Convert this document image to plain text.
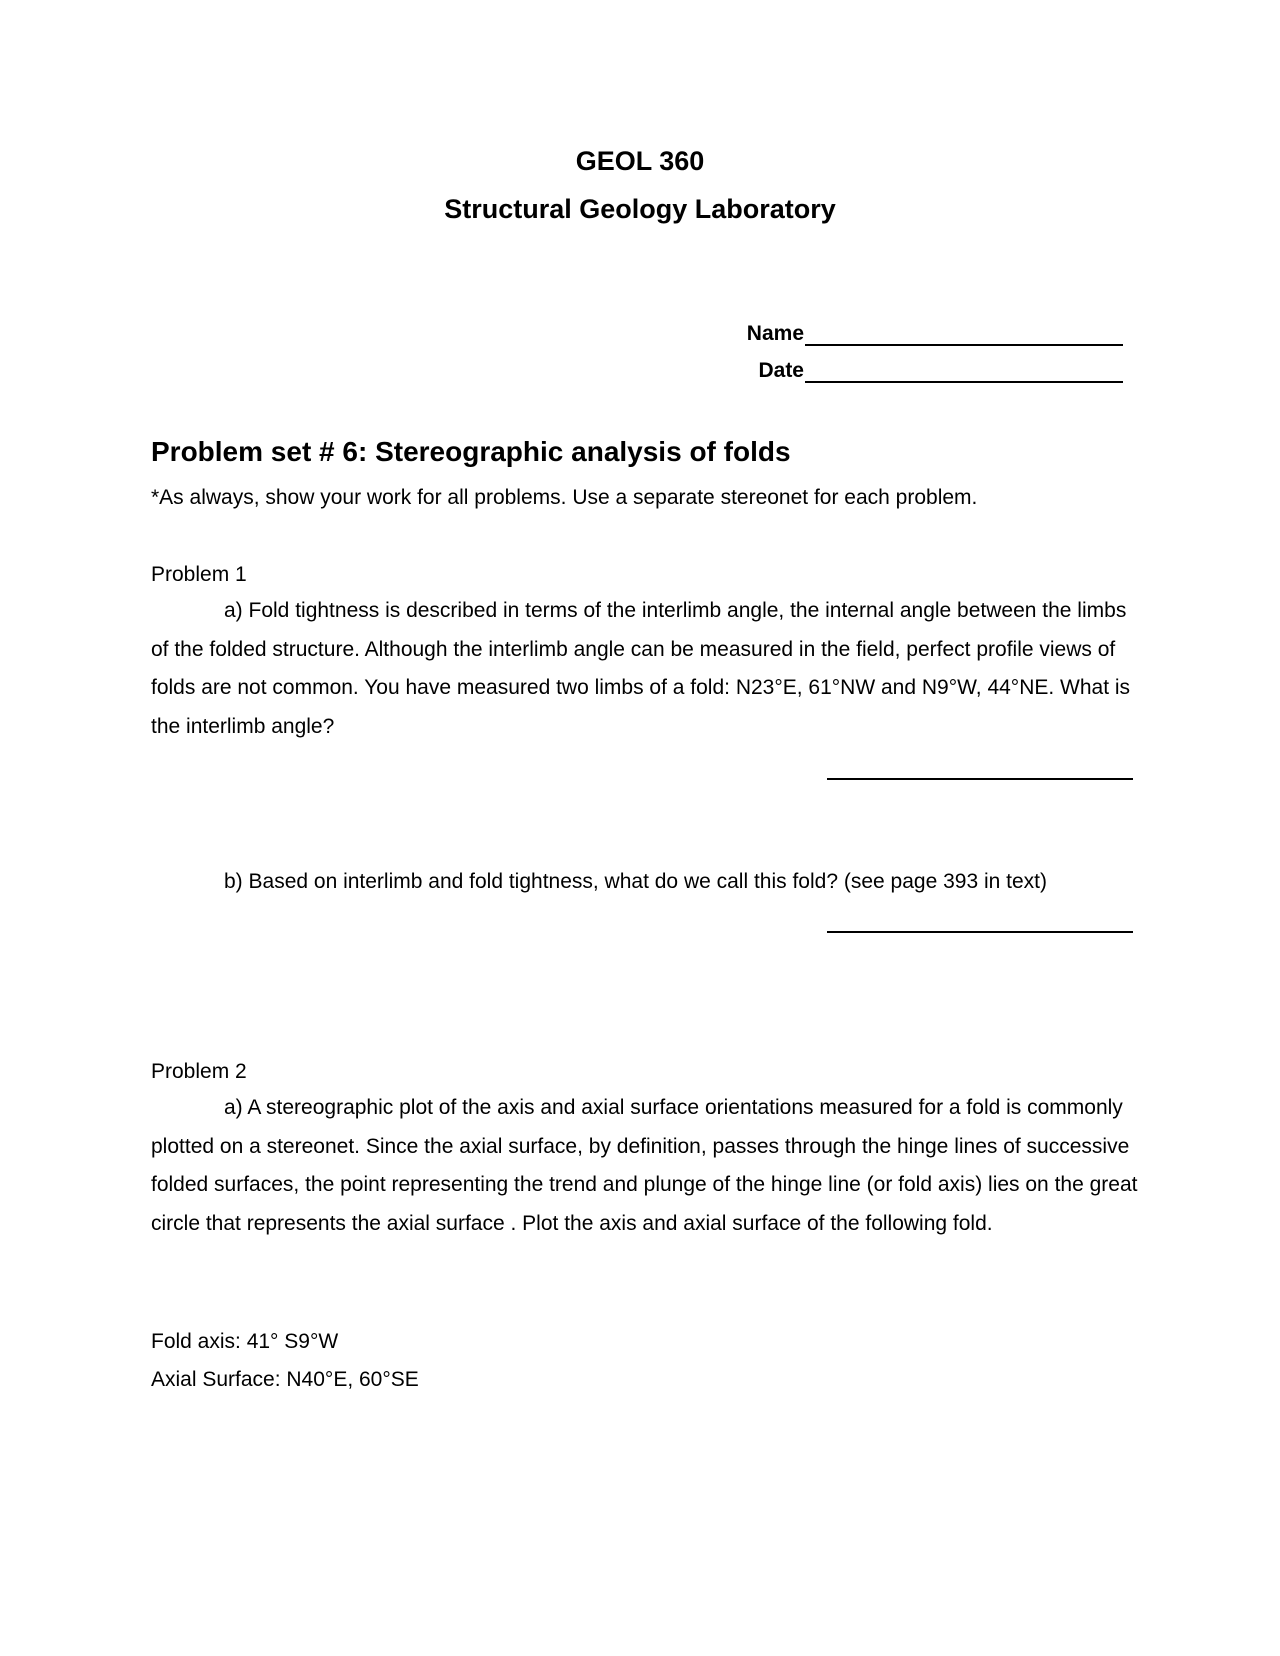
GEOL 360
Structural Geology Laboratory
Name
Date
Problem set # 6: Stereographic analysis of folds
*As always, show your work for all problems. Use a separate stereonet for each problem.
Problem 1
a) Fold tightness is described in terms of the interlimb angle, the internal angle between the limbs of the folded structure. Although the interlimb angle can be measured in the field, perfect profile views of folds are not common. You have measured two limbs of a fold: N23°E, 61°NW and N9°W, 44°NE. What is the interlimb angle?
b) Based on interlimb and fold tightness, what do we call this fold? (see page 393 in text)
Problem 2
a) A stereographic plot of the axis and axial surface orientations measured for a fold is commonly plotted on a stereonet. Since the axial surface, by definition, passes through the hinge lines of successive folded surfaces, the point representing the trend and plunge of the hinge line (or fold axis) lies on the great circle that represents the axial surface . Plot the axis and axial surface of the following fold.
Fold axis: 41° S9°W
Axial Surface: N40°E, 60°SE
